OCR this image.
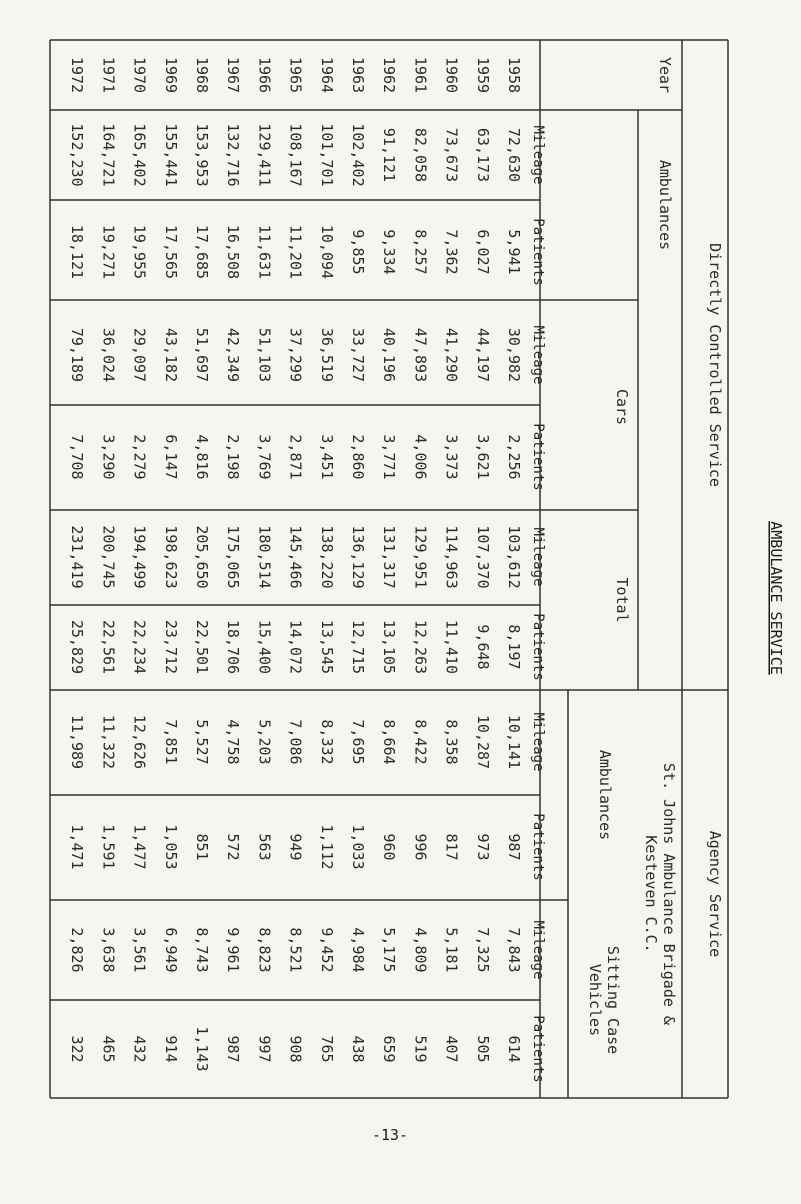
AMBULANCE SERVICE
Year
Directly Controlled Service
Agency Service
Ambulances
Cars
Total
St. Johns Ambulance Brigade &
Kesteven C.C.
Ambulances
Sitting Case
Vehicles
Mileage
Patients
Mileage
Patients
Mileage
Patients
Mileage
Patients
Mileage
Patients
1958
72,630
5,941
30,982
2,256
103,612
8,197
10,141
987
7,843
614
1959
63,173
6,027
44,197
3,621
107,370
9,648
10,287
973
7,325
505
1960
73,673
7,362
41,290
3,373
114,963
11,410
8,358
817
5,181
407
1961
82,058
8,257
47,893
4,006
129,951
12,263
8,422
996
4,809
519
1962
91,121
9,334
40,196
3,771
131,317
13,105
8,664
960
5,175
659
1963
102,402
9,855
33,727
2,860
136,129
12,715
7,695
1,033
4,984
438
1964
101,701
10,094
36,519
3,451
138,220
13,545
8,332
1,112
9,452
765
1965
108,167
11,201
37,299
2,871
145,466
14,072
7,086
949
8,521
908
1966
129,411
11,631
51,103
3,769
180,514
15,400
5,203
563
8,823
997
1967
132,716
16,508
42,349
2,198
175,065
18,706
4,758
572
9,961
987
1968
153,953
17,685
51,697
4,816
205,650
22,501
5,527
851
8,743
1,143
1969
155,441
17,565
43,182
6,147
198,623
23,712
7,851
1,053
6,949
914
1970
165,402
19,955
29,097
2,279
194,499
22,234
12,626
1,477
3,561
432
1971
164,721
19,271
36,024
3,290
200,745
22,561
11,322
1,591
3,638
465
1972
152,230
18,121
79,189
7,708
231,419
25,829
11,989
1,471
2,826
322
-13-
